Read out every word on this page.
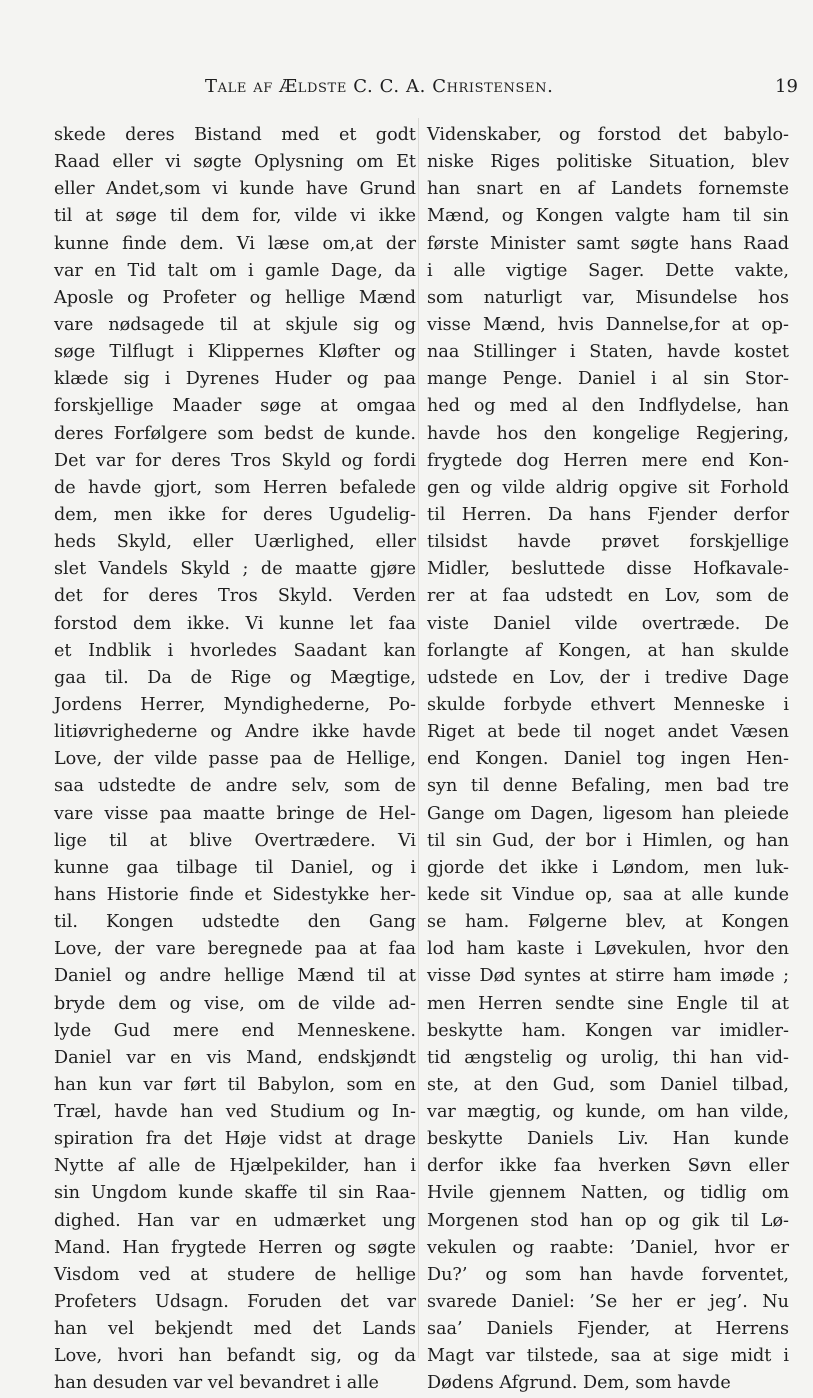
Tale af Ældste C. C. A. Christensen.	19
skede deres Bistand med et godt
Raad eller vi søgte Oplysning om Et
eller Andet,som vi kunde have Grund
til at søge til dem for, vilde vi ikke
kunne finde dem. Vi læse om,at der
var en Tid talt om i gamle Dage, da
Aposle og Profeter og hellige Mænd
vare nødsagede til at skjule sig og
søge Tilflugt i Klippernes Kløfter og
klæde sig i Dyrenes Huder og paa
forskjellige Maader søge at omgaa
deres Forfølgere som bedst de kunde.
Det var for deres Tros Skyld og fordi
de havde gjort, som Herren befalede
dem, men ikke for deres Ugudelig-
heds Skyld, eller Uærlighed, eller
slet Vandels Skyld ; de maatte gjøre
det for deres Tros Skyld. Verden
forstod dem ikke. Vi kunne let faa
et Indblik i hvorledes Saadant kan
gaa til. Da de Rige og Mægtige,
Jordens Herrer, Myndighederne, Po-
litiøvrighederne og Andre ikke havde
Love, der vilde passe paa de Hellige,
saa udstedte de andre selv, som de
vare visse paa maatte bringe de Hel-
lige til at blive Overtrædere. Vi
kunne gaa tilbage til Daniel, og i
hans Historie finde et Sidestykke her-
til. Kongen udstedte den Gang
Love, der vare beregnede paa at faa
Daniel og andre hellige Mænd til at
bryde dem og vise, om de vilde ad-
lyde Gud mere end Menneskene.
Daniel var en vis Mand, endskjøndt
han kun var ført til Babylon, som en
Træl, havde han ved Studium og In-
spiration fra det Høje vidst at drage
Nytte af alle de Hjælpekilder, han i
sin Ungdom kunde skaffe til sin Raa-
dighed. Han var en udmærket ung
Mand. Han frygtede Herren og søgte
Visdom ved at studere de hellige
Profeters Udsagn. Foruden det var
han vel bekjendt med det Lands
Love, hvori han befandt sig, og da
han desuden var vel bevandret i alle
Videnskaber, og forstod det babylo-
niske Riges politiske Situation, blev
han snart en af Landets fornemste
Mænd, og Kongen valgte ham til sin
første Minister samt søgte hans Raad
i alle vigtige Sager. Dette vakte,
som naturligt var, Misundelse hos
visse Mænd, hvis Dannelse,for at op-
naa Stillinger i Staten, havde kostet
mange Penge. Daniel i al sin Stor-
hed og med al den Indflydelse, han
havde hos den kongelige Regjering,
frygtede dog Herren mere end Kon-
gen og vilde aldrig opgive sit Forhold
til Herren. Da hans Fjender derfor
tilsidst havde prøvet forskjellige
Midler, besluttede disse Hofkavale-
rer at faa udstedt en Lov, som de
viste Daniel vilde overtræde. De
forlangte af Kongen, at han skulde
udstede en Lov, der i tredive Dage
skulde forbyde ethvert Menneske i
Riget at bede til noget andet Væsen
end Kongen. Daniel tog ingen Hen-
syn til denne Befaling, men bad tre
Gange om Dagen, ligesom han pleiede
til sin Gud, der bor i Himlen, og han
gjorde det ikke i Løndom, men luk-
kede sit Vindue op, saa at alle kunde
se ham. Følgerne blev, at Kongen
lod ham kaste i Løvekulen, hvor den
visse Død syntes at stirre ham imøde ;
men Herren sendte sine Engle til at
beskytte ham. Kongen var imidler-
tid ængstelig og urolig, thi han vid-
ste, at den Gud, som Daniel tilbad,
var mægtig, og kunde, om han vilde,
beskytte Daniels Liv. Han kunde
derfor ikke faa hverken Søvn eller
Hvile gjennem Natten, og tidlig om
Morgenen stod han op og gik til Lø-
vekulen og raabte: ’Daniel, hvor er
Du?’ og som han havde forventet,
svarede Daniel: ’Se her er jeg’. Nu
saa’ Daniels Fjender, at Herrens
Magt var tilstede, saa at sige midt i
Dødens Afgrund. Dem, som havde
